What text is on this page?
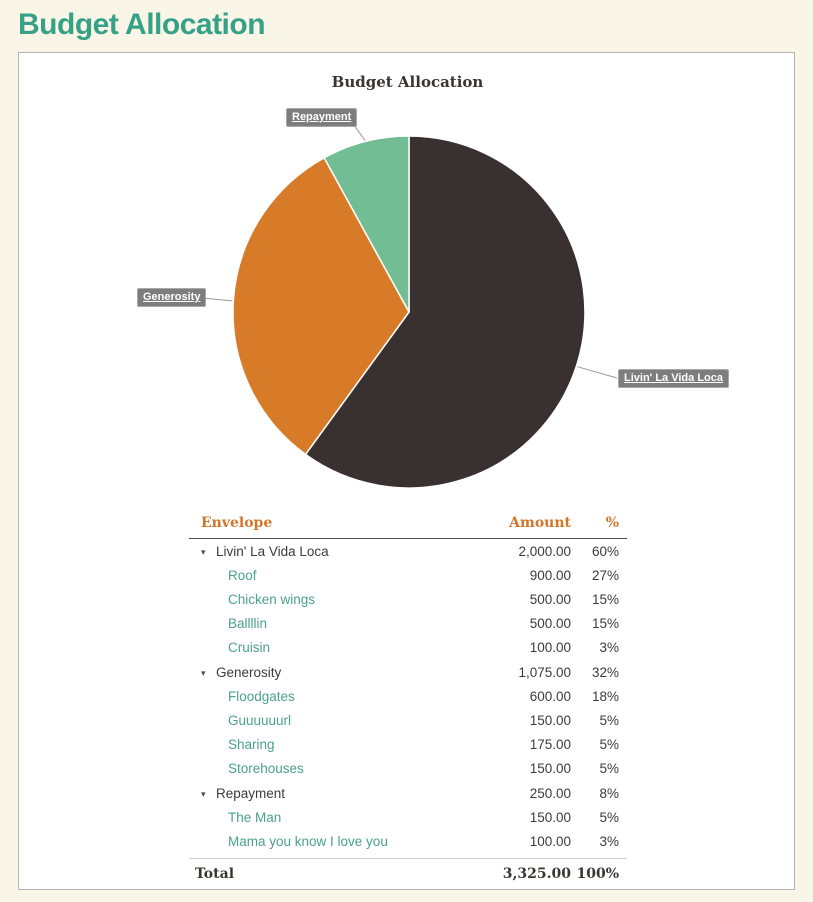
Budget Allocation
Budget Allocation
Livin' La Vida Loca
Generosity
Repayment
Envelope	Amount	%
▾ Livin' La Vida Loca	2,000.00	60%
Roof	900.00	27%
Chicken wings	500.00	15%
Ballllin	500.00	15%
Cruisin	100.00	3%
▾ Generosity	1,075.00	32%
Floodgates	600.00	18%
Guuuuuurl	150.00	5%
Sharing	175.00	5%
Storehouses	150.00	5%
▾ Repayment	250.00	8%
The Man	150.00	5%
Mama you know I love you	100.00	3%
Total	3,325.00 100%
